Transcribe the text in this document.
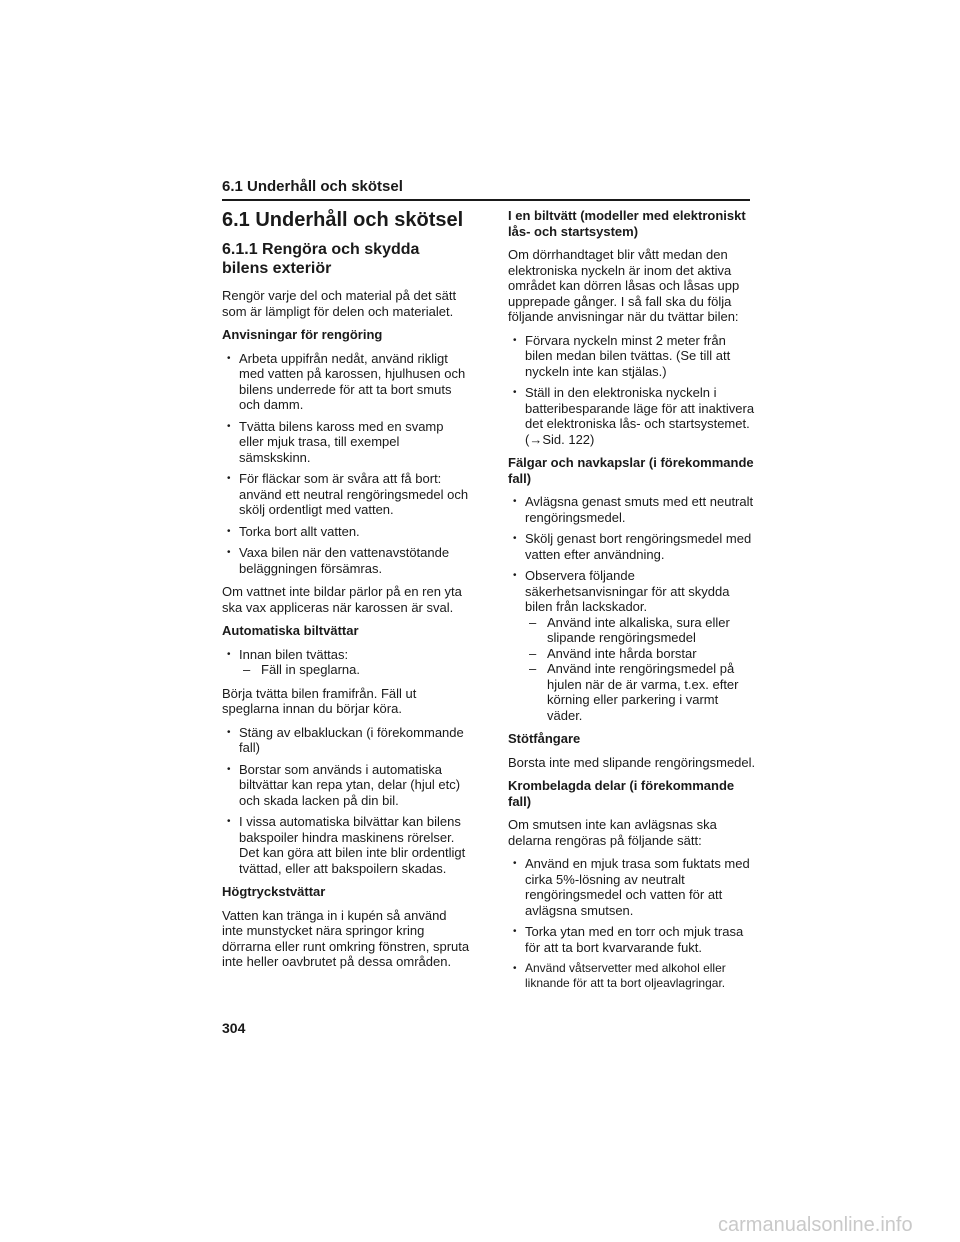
6.1 Underhåll och skötsel
6.1 Underhåll och skötsel
6.1.1 Rengöra och skydda bilens exteriör

Rengör varje del och material på det sätt som är lämpligt för delen och materialet.

Anvisningar för rengöring
• Arbeta uppifrån nedåt, använd rikligt med vatten på karossen, hjulhusen och bilens underrede för att ta bort smuts och damm.
• Tvätta bilens kaross med en svamp eller mjuk trasa, till exempel sämskskinn.
• För fläckar som är svåra att få bort: använd ett neutral rengöringsmedel och skölj ordentligt med vatten.
• Torka bort allt vatten.
• Vaxa bilen när den vattenavstötande beläggningen försämras.

Om vattnet inte bildar pärlor på en ren yta ska vax appliceras när karossen är sval.

Automatiska biltvättar
• Innan bilen tvättas:
– Fäll in speglarna.

Börja tvätta bilen framifrån. Fäll ut speglarna innan du börjar köra.

• Stäng av elbakluckan (i förekommande fall)
• Borstar som används i automatiska biltvättar kan repa ytan, delar (hjul etc) och skada lacken på din bil.
• I vissa automatiska bilvättar kan bilens bakspoiler hindra maskinens rörelser. Det kan göra att bilen inte blir ordentligt tvättad, eller att bakspoilern skadas.
Högtryckstvättar

Vatten kan tränga in i kupén så använd inte munstycket nära springor kring dörrarna eller runt omkring fönstren, spruta inte heller oavbrutet på dessa områden.

I en biltvätt (modeller med elektroniskt lås- och startsystem)

Om dörrhandtaget blir vått medan den elektroniska nyckeln är inom det aktiva området kan dörren låsas och låsas upp upprepade gånger. I så fall ska du följa följande anvisningar när du tvättar bilen:

• Förvara nyckeln minst 2 meter från bilen medan bilen tvättas. (Se till att nyckeln inte kan stjälas.)
• Ställ in den elektroniska nyckeln i batteribesparande läge för att inaktivera det elektroniska lås- och startsystemet. (→Sid. 122)
Fälgar och navkapslar (i förekommande fall)
• Avlägsna genast smuts med ett neutralt rengöringsmedel.
• Skölj genast bort rengöringsmedel med vatten efter användning.
• Observera följande säkerhetsanvisningar för att skydda bilen från lackskador.
– Använd inte alkaliska, sura eller slipande rengöringsmedel
– Använd inte hårda borstar
– Använd inte rengöringsmedel på hjulen när de är varma, t.ex. efter körning eller parkering i varmt väder.
Stötfångare

Borsta inte med slipande rengöringsmedel.

Krombelagda delar (i förekommande fall)

Om smutsen inte kan avlägsnas ska delarna rengöras på följande sätt:

• Använd en mjuk trasa som fuktats med cirka 5%-lösning av neutralt rengöringsmedel och vatten för att avlägsna smutsen.
• Torka ytan med en torr och mjuk trasa för att ta bort kvarvarande fukt.
• Använd våtservetter med alkohol eller liknande för att ta bort oljeavlagringar.
304
carmanualsonline.info
